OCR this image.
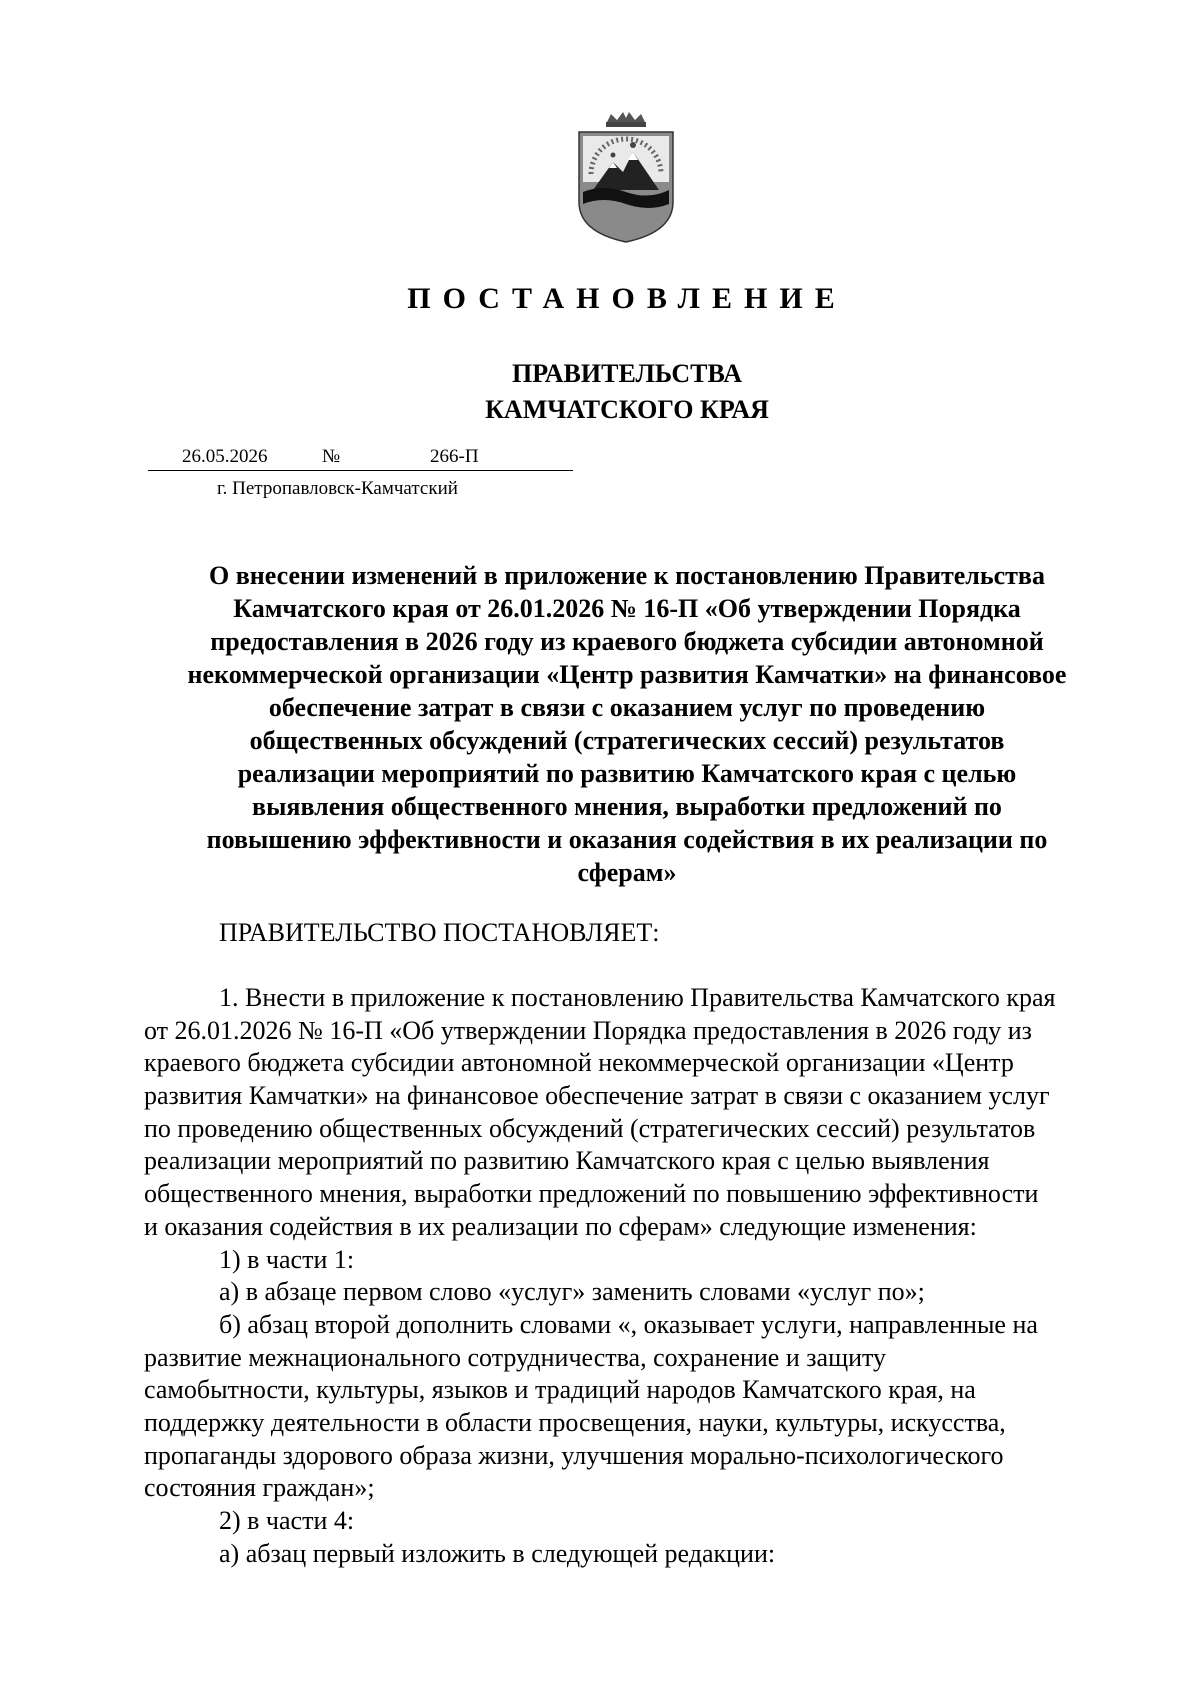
ПОСТАНОВЛЕНИЕ
ПРАВИТЕЛЬСТВА
КАМЧАТСКОГО КРАЯ
26.05.2026	№	266-П
г. Петропавловск-Камчатский
О внесении изменений в приложение к постановлению Правительства
Камчатского края от 26.01.2026 № 16-П «Об утверждении Порядка
предоставления в 2026 году из краевого бюджета субсидии автономной
некоммерческой организации «Центр развития Камчатки» на финансовое
обеспечение затрат в связи с оказанием услуг по проведению
общественных обсуждений (стратегических сессий) результатов
реализации мероприятий по развитию Камчатского края с целью
выявления общественного мнения, выработки предложений по
повышению эффективности и оказания содействия в их реализации по
сферам»
ПРАВИТЕЛЬСТВО ПОСТАНОВЛЯЕТ:
1. Внести в приложение к постановлению Правительства Камчатского края
от 26.01.2026 № 16-П «Об утверждении Порядка предоставления в 2026 году из
краевого бюджета субсидии автономной некоммерческой организации «Центр
развития Камчатки» на финансовое обеспечение затрат в связи с оказанием услуг
по проведению общественных обсуждений (стратегических сессий) результатов
реализации мероприятий по развитию Камчатского края с целью выявления
общественного мнения, выработки предложений по повышению эффективности
и оказания содействия в их реализации по сферам» следующие изменения:
1) в части 1:
а) в абзаце первом слово «услуг» заменить словами «услуг по»;
б) абзац второй дополнить словами «, оказывает услуги, направленные на
развитие межнационального сотрудничества, сохранение и защиту
самобытности, культуры, языков и традиций народов Камчатского края, на
поддержку деятельности в области просвещения, науки, культуры, искусства,
пропаганды здорового образа жизни, улучшения морально-психологического
состояния граждан»;
2) в части 4:
а) абзац первый изложить в следующей редакции:
